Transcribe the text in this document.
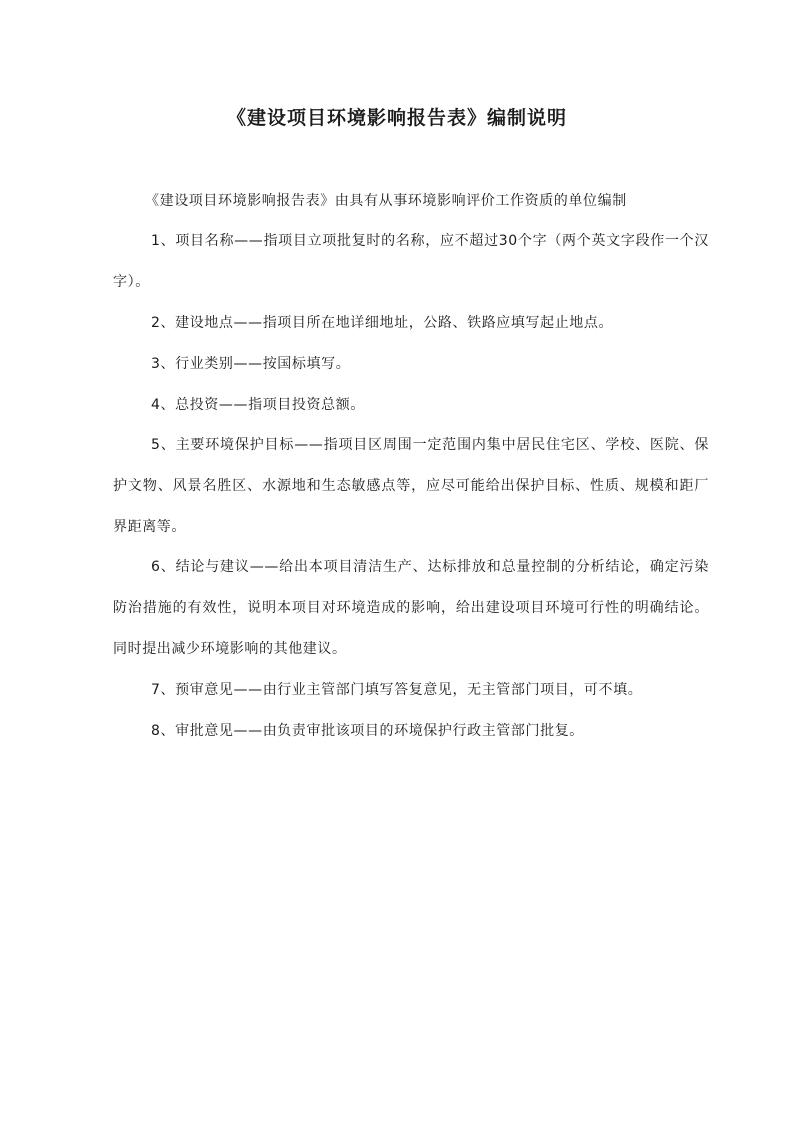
《建设项目环境影响报告表》编制说明

《建设项目环境影响报告表》由具有从事环境影响评价工作资质的单位编制

1、项目名称——指项目立项批复时的名称，应不超过30个字（两个英文字段作一个汉字）。

2、建设地点——指项目所在地详细地址，公路、铁路应填写起止地点。

3、行业类别——按国标填写。

4、总投资——指项目投资总额。

5、主要环境保护目标——指项目区周围一定范围内集中居民住宅区、学校、医院、保护文物、风景名胜区、水源地和生态敏感点等，应尽可能给出保护目标、性质、规模和距厂界距离等。

6、结论与建议——给出本项目清洁生产、达标排放和总量控制的分析结论，确定污染防治措施的有效性，说明本项目对环境造成的影响，给出建设项目环境可行性的明确结论。同时提出减少环境影响的其他建议。

7、预审意见——由行业主管部门填写答复意见，无主管部门项目，可不填。

8、审批意见——由负责审批该项目的环境保护行政主管部门批复。
